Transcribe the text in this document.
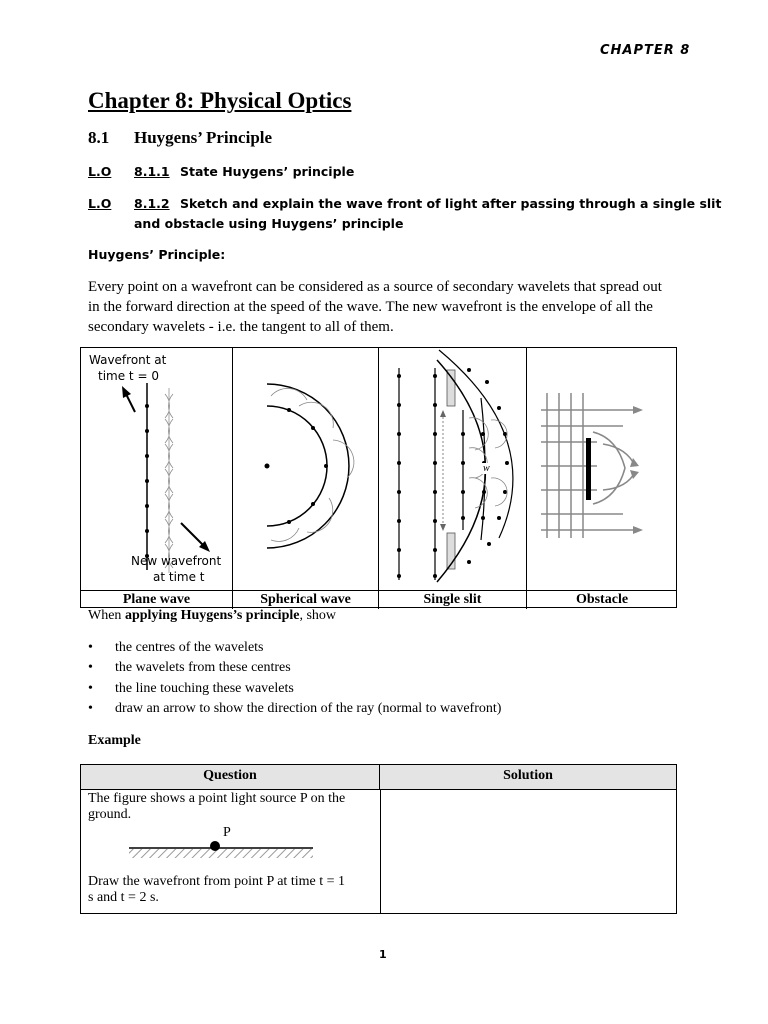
CHAPTER 8
Chapter 8: Physical Optics
8.1 Huygens’ Principle
L.O 8.1.1 State Huygens’ principle
L.O 8.1.2 Sketch and explain the wave front of light after passing through a single slit
and obstacle using Huygens’ principle
Huygens’ Principle:
Every point on a wavefront can be considered as a source of secondary wavelets that spread out
in the forward direction at the speed of the wave. The new wavefront is the envelope of all the
secondary wavelets - i.e. the tangent to all of them.
Wavefront at
time t = 0
New wavefront
at time t
w
Plane wave	Spherical wave	Single slit	Obstacle
When applying Huygens’s principle, show
• the centres of the wavelets
• the wavelets from these centres
• the line touching these wavelets
• draw an arrow to show the direction of the ray (normal to wavefront)
Example
Question	Solution
The figure shows a point light source P on the
ground.
P
Draw the wavefront from point P at time t = 1
s and t = 2 s.
1
